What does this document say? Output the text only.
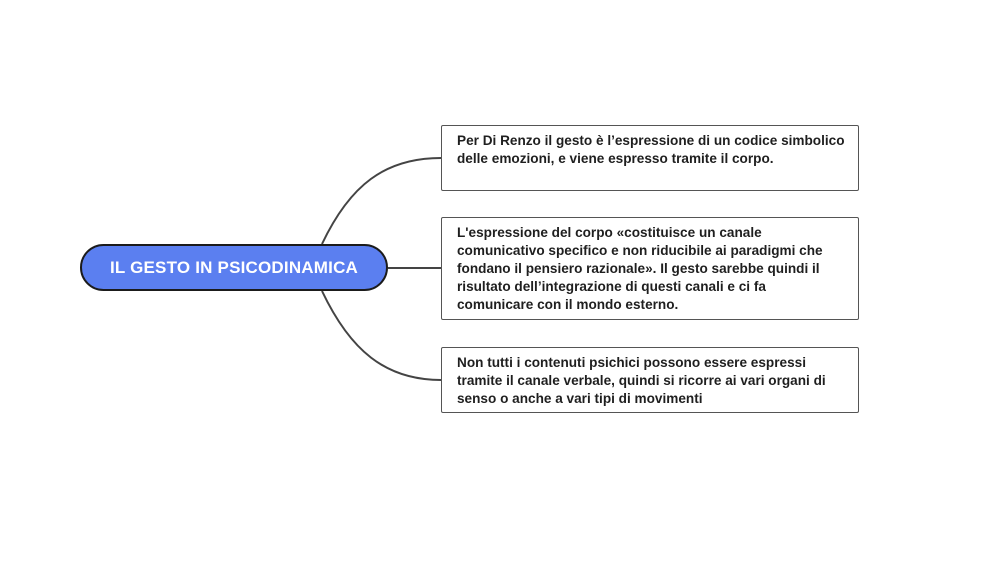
IL GESTO IN PSICODINAMICA
Per Di Renzo il gesto è l’espressione di un codice simbolico delle emozioni, e viene espresso tramite il corpo.
L'espressione del corpo «costituisce un canale comunicativo specifico e non riducibile ai paradigmi che fondano il pensiero razionale». Il gesto sarebbe quindi il risultato dell’integrazione di questi canali e ci fa comunicare con il mondo esterno.
Non tutti i contenuti psichici possono essere espressi tramite il canale verbale, quindi si ricorre ai vari organi di senso o anche a vari tipi di movimenti
